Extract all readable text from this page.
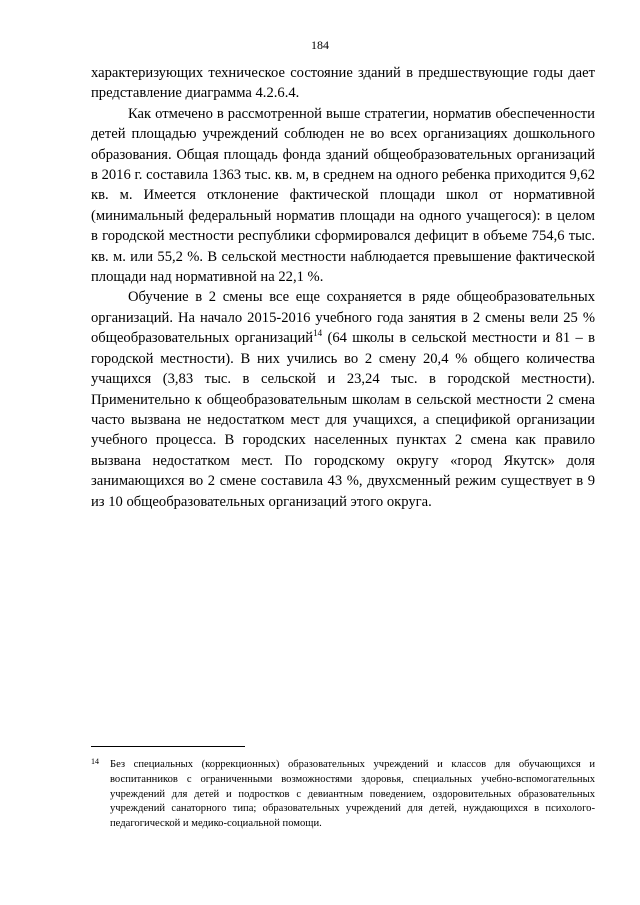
184

характеризующих техническое состояние зданий в предшествующие годы дает представление диаграмма 4.2.6.4.

Как отмечено в рассмотренной выше стратегии, норматив обеспеченности детей площадью учреждений соблюден не во всех организациях дошкольного образования. Общая площадь фонда зданий общеобразовательных организаций в 2016 г. составила 1363 тыс. кв. м, в среднем на одного ребенка приходится 9,62 кв. м. Имеется отклонение фактической площади школ от нормативной (минимальный федеральный норматив площади на одного учащегося): в целом в городской местности республики сформировался дефицит в объеме 754,6 тыс. кв. м. или 55,2 %. В сельской местности наблюдается превышение фактической площади над нормативной на 22,1 %.

Обучение в 2 смены все еще сохраняется в ряде общеобразовательных организаций. На начало 2015-2016 учебного года занятия в 2 смены вели 25 % общеобразовательных организаций$^{14}$ (64 школы в сельской местности и 81 – в городской местности). В них учились во 2 смену 20,4 % общего количества учащихся (3,83 тыс. в сельской и 23,24 тыс. в городской местности). Применительно к общеобразовательным школам в сельской местности 2 смена часто вызвана не недостатком мест для учащихся, а спецификой организации учебного процесса. В городских населенных пунктах 2 смена как правило вызвана недостатком мест. По городскому округу «город Якутск» доля занимающихся во 2 смене составила 43 %, двухсменный режим существует в 9 из 10 общеобразовательных организаций этого округа.

14 Без специальных (коррекционных) образовательных учреждений и классов для обучающихся и воспитанников с ограниченными возможностями здоровья, специальных учебно-вспомогательных учреждений для детей и подростков с девиантным поведением, оздоровительных образовательных учреждений санаторного типа; образовательных учреждений для детей, нуждающихся в психолого-педагогической и медико-социальной помощи.
